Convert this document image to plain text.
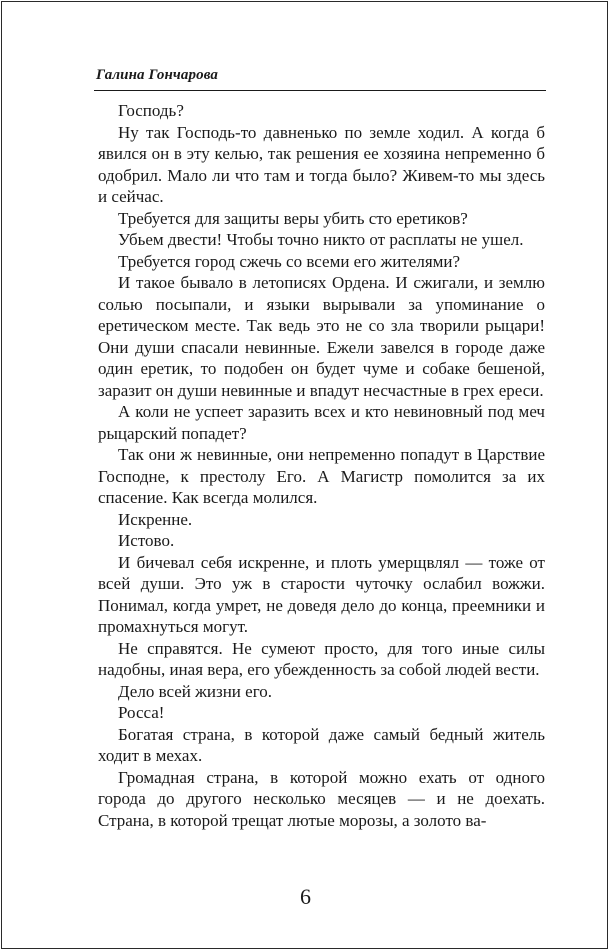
Галина Гончарова

Господь?

Ну так Господь-то давненько по земле ходил. А когда б явился он в эту келью, так решения ее хозяина непременно б одобрил. Мало ли что там и тогда было? Живем-то мы здесь и сейчас.

Требуется для защиты веры убить сто еретиков?

Убьем двести! Чтобы точно никто от расплаты не ушел.

Требуется город сжечь со всеми его жителями?

И такое бывало в летописях Ордена. И сжигали, и землю солью посыпали, и языки вырывали за упоминание о еретическом месте. Так ведь это не со зла творили рыцари! Они души спасали невинные. Ежели завелся в городе даже один еретик, то подобен он будет чуме и собаке бешеной, заразит он души невинные и впадут несчастные в грех ереси.

А коли не успеет заразить всех и кто невиновный под меч рыцарский попадет?

Так они ж невинные, они непременно попадут в Царствие Господне, к престолу Его. А Магистр помолится за их спасение. Как всегда молился.

Искренне.

Истово.

И бичевал себя искренне, и плоть умерщвлял — тоже от всей души. Это уж в старости чуточку ослабил вожжи. Понимал, когда умрет, не доведя дело до конца, преемники и промахнуться могут.

Не справятся. Не сумеют просто, для того иные силы надобны, иная вера, его убежденность за собой людей вести.

Дело всей жизни его.

Росса!

Богатая страна, в которой даже самый бедный житель ходит в мехах.

Громадная страна, в которой можно ехать от одного города до другого несколько месяцев — и не доехать. Страна, в которой трещат лютые морозы, а золото ва-

6
